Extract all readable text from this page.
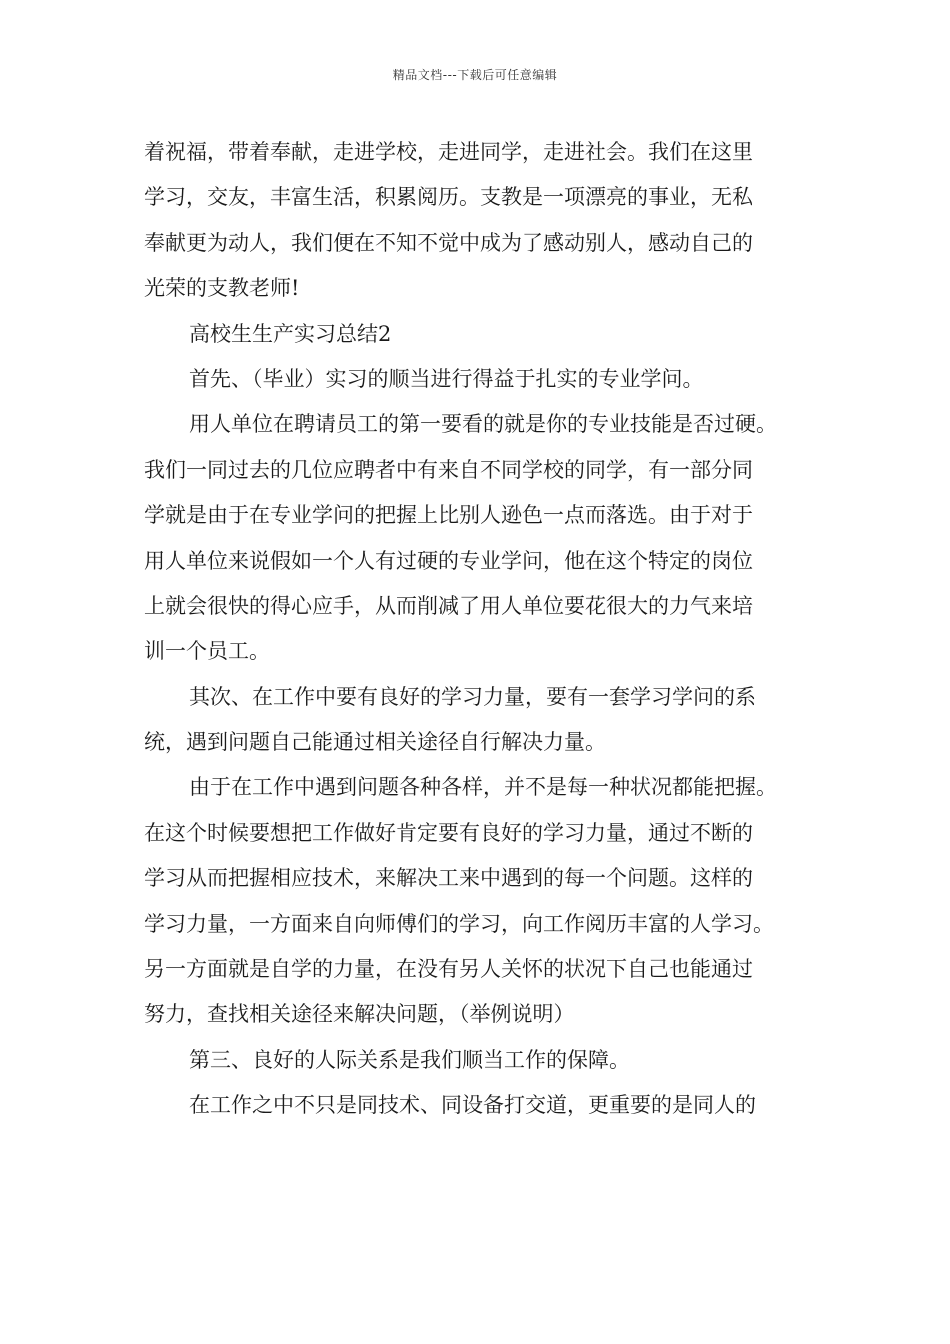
精品文档---下载后可任意编辑
着祝福，带着奉献，走进学校，走进同学，走进社会。我们在这里
学习，交友，丰富生活，积累阅历。支教是一项漂亮的事业，无私
奉献更为动人，我们便在不知不觉中成为了感动别人，感动自己的
光荣的支教老师!
高校生生产实习总结2
首先、（毕业）实习的顺当进行得益于扎实的专业学问。
用人单位在聘请员工的第一要看的就是你的专业技能是否过硬。
我们一同过去的几位应聘者中有来自不同学校的同学，有一部分同
学就是由于在专业学问的把握上比别人逊色一点而落选。由于对于
用人单位来说假如一个人有过硬的专业学问，他在这个特定的岗位
上就会很快的得心应手，从而削减了用人单位要花很大的力气来培
训一个员工。
其次、在工作中要有良好的学习力量，要有一套学习学问的系
统，遇到问题自己能通过相关途径自行解决力量。
由于在工作中遇到问题各种各样，并不是每一种状况都能把握。
在这个时候要想把工作做好肯定要有良好的学习力量，通过不断的
学习从而把握相应技术，来解决工来中遇到的每一个问题。这样的
学习力量，一方面来自向师傅们的学习，向工作阅历丰富的人学习。
另一方面就是自学的力量，在没有另人关怀的状况下自己也能通过
努力，查找相关途径来解决问题，（举例说明）
第三、良好的人际关系是我们顺当工作的保障。
在工作之中不只是同技术、同设备打交道，更重要的是同人的
